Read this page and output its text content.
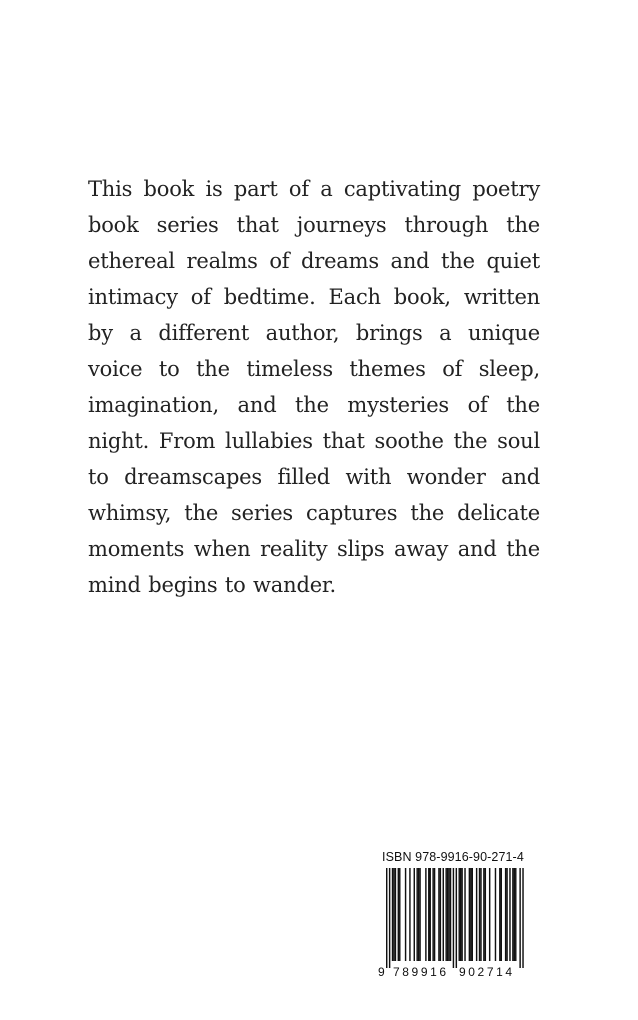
This book is part of a captivating poetry book series that journeys through the ethereal realms of dreams and the quiet intimacy of bedtime. Each book, written by a different author, brings a unique voice to the timeless themes of sleep, imagination, and the mysteries of the night. From lullabies that soothe the soul to dreamscapes filled with wonder and whimsy, the series captures the delicate moments when reality slips away and the mind begins to wander.

ISBN 978-9916-90-271-4
9 789916 902714
